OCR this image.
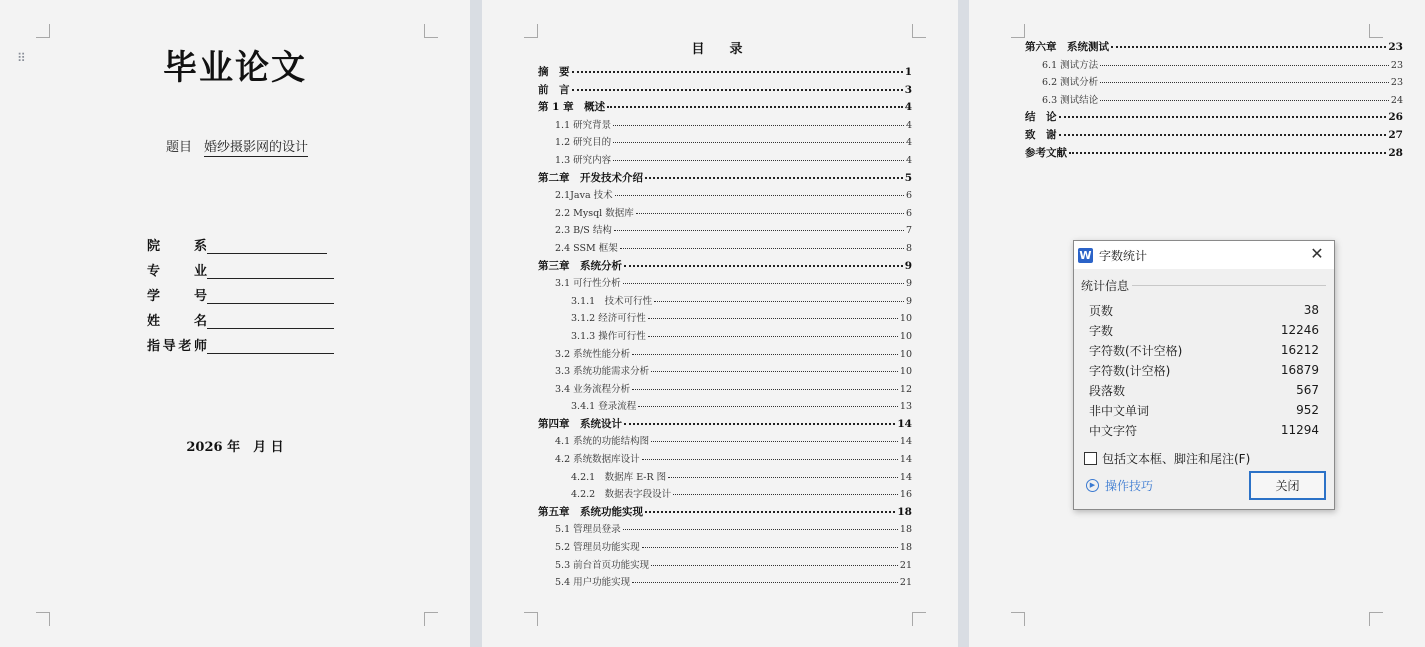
⠿	毕业论文
题目 婚纱摄影网的设计
院　　系
专　　业
学　　号
姓　　名
指导老师
2026 年　月 日
目　录
摘　要	1
前　言	3
第 1 章　概述	4
1.1 研究背景	4
1.2 研究目的	4
1.3 研究内容	4
第二章　开发技术介绍	5
2.1Java 技术	6
2.2 Mysql 数据库	6
2.3 B/S 结构	7
2.4 SSM 框架	8
第三章　系统分析	9
3.1 可行性分析	9
3.1.1　技术可行性	9
3.1.2 经济可行性	10
3.1.3 操作可行性	10
3.2 系统性能分析	10
3.3 系统功能需求分析	10
3.4 业务流程分析	12
3.4.1 登录流程	13
第四章　系统设计	14
4.1 系统的功能结构图	14
4.2 系统数据库设计	14
4.2.1　数据库 E-R 图	14
4.2.2　数据表字段设计	16
第五章　系统功能实现	18
5.1 管理员登录	18
5.2 管理员功能实现	18
5.3 前台首页功能实现	21
5.4 用户功能实现	21
第六章　系统测试	23
6.1 测试方法	23
6.2 测试分析	23
6.3 测试结论	24
结　论	26
致　谢	27
参考文献	28
W 字数统计	✕
统计信息
页数	38
字数	12246
字符数(不计空格)	16212
字符数(计空格)	16879
段落数	567
非中文单词	952
中文字符	11294
包括文本框、脚注和尾注(F)
▶ 操作技巧	关闭
